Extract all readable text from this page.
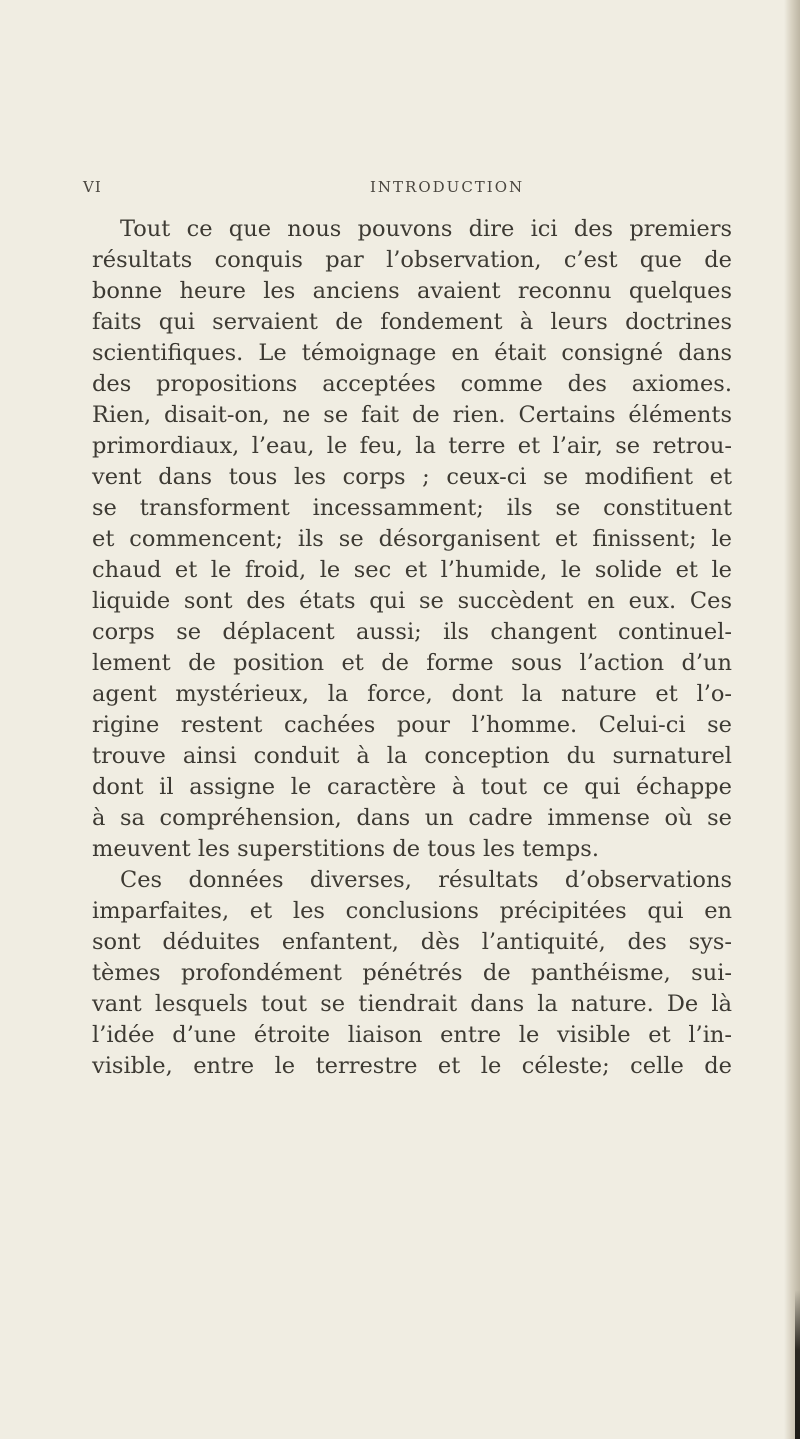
VI	INTRODUCTION
Tout ce que nous pouvons dire ici des premiers
résultats conquis par l’observation, c’est que de
bonne heure les anciens avaient reconnu quelques
faits qui servaient de fondement à leurs doctrines
scientifiques. Le témoignage en était consigné dans
des propositions acceptées comme des axiomes.
Rien, disait-on, ne se fait de rien. Certains éléments
primordiaux, l’eau, le feu, la terre et l’air, se retrou-
vent dans tous les corps ; ceux-ci se modifient et
se transforment incessamment; ils se constituent
et commencent; ils se désorganisent et finissent; le
chaud et le froid, le sec et l’humide, le solide et le
liquide sont des états qui se succèdent en eux. Ces
corps se déplacent aussi; ils changent continuel-
lement de position et de forme sous l’action d’un
agent mystérieux, la force, dont la nature et l’o-
rigine restent cachées pour l’homme. Celui-ci se
trouve ainsi conduit à la conception du surnaturel
dont il assigne le caractère à tout ce qui échappe
à sa compréhension, dans un cadre immense où se
meuvent les superstitions de tous les temps.
Ces données diverses, résultats d’observations
imparfaites, et les conclusions précipitées qui en
sont déduites enfantent, dès l’antiquité, des sys-
tèmes profondément pénétrés de panthéisme, sui-
vant lesquels tout se tiendrait dans la nature. De là
l’idée d’une étroite liaison entre le visible et l’in-
visible, entre le terrestre et le céleste; celle de
